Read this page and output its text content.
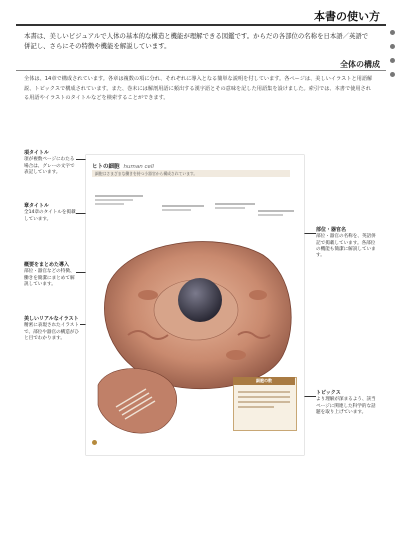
本書の使い方
本書は、美しいビジュアルで人体の基本的な構造と機能が理解できる図鑑です。からだの各部位の名称を日本語／英語で併記し、さらにその特徴や機能を解説しています。
全体の構成
全体は、14章で構成されています。各章は複数の項に分れ、それぞれに導入となる簡単な説明を付しています。各ページは、美しいイラストと用語解説、トピックスで構成されています。また、巻末には解剖用語に頻出する漢字語とその意味を記した用語集を設けました。索引では、本書で使用される用語やイラストのタイトルなどを検索することができます。
項タイトル
項が複数ページにわたる場合は、グレーの文字で表記しています。
章タイトル
全14章のタイトルを掲載しています。
概要をまとめた導入
部位・器官などの特徴、働きを簡潔にまとめて解説しています。
美しいリアルなイラスト
精密に表現されたイラストで、部位や器官の構造がひと目でわかります。
部位・器官名
部位・器官の名称を、英語併記で掲載しています。各部位の機能も簡潔に解説しています。
トピックス
より理解が深まるよう、該当ページに関連した科学的な話題を取り上げています。
ヒトの細胞 human cell
細胞はさまざまな働きを持つ小器官から構成されています。
細胞の数
